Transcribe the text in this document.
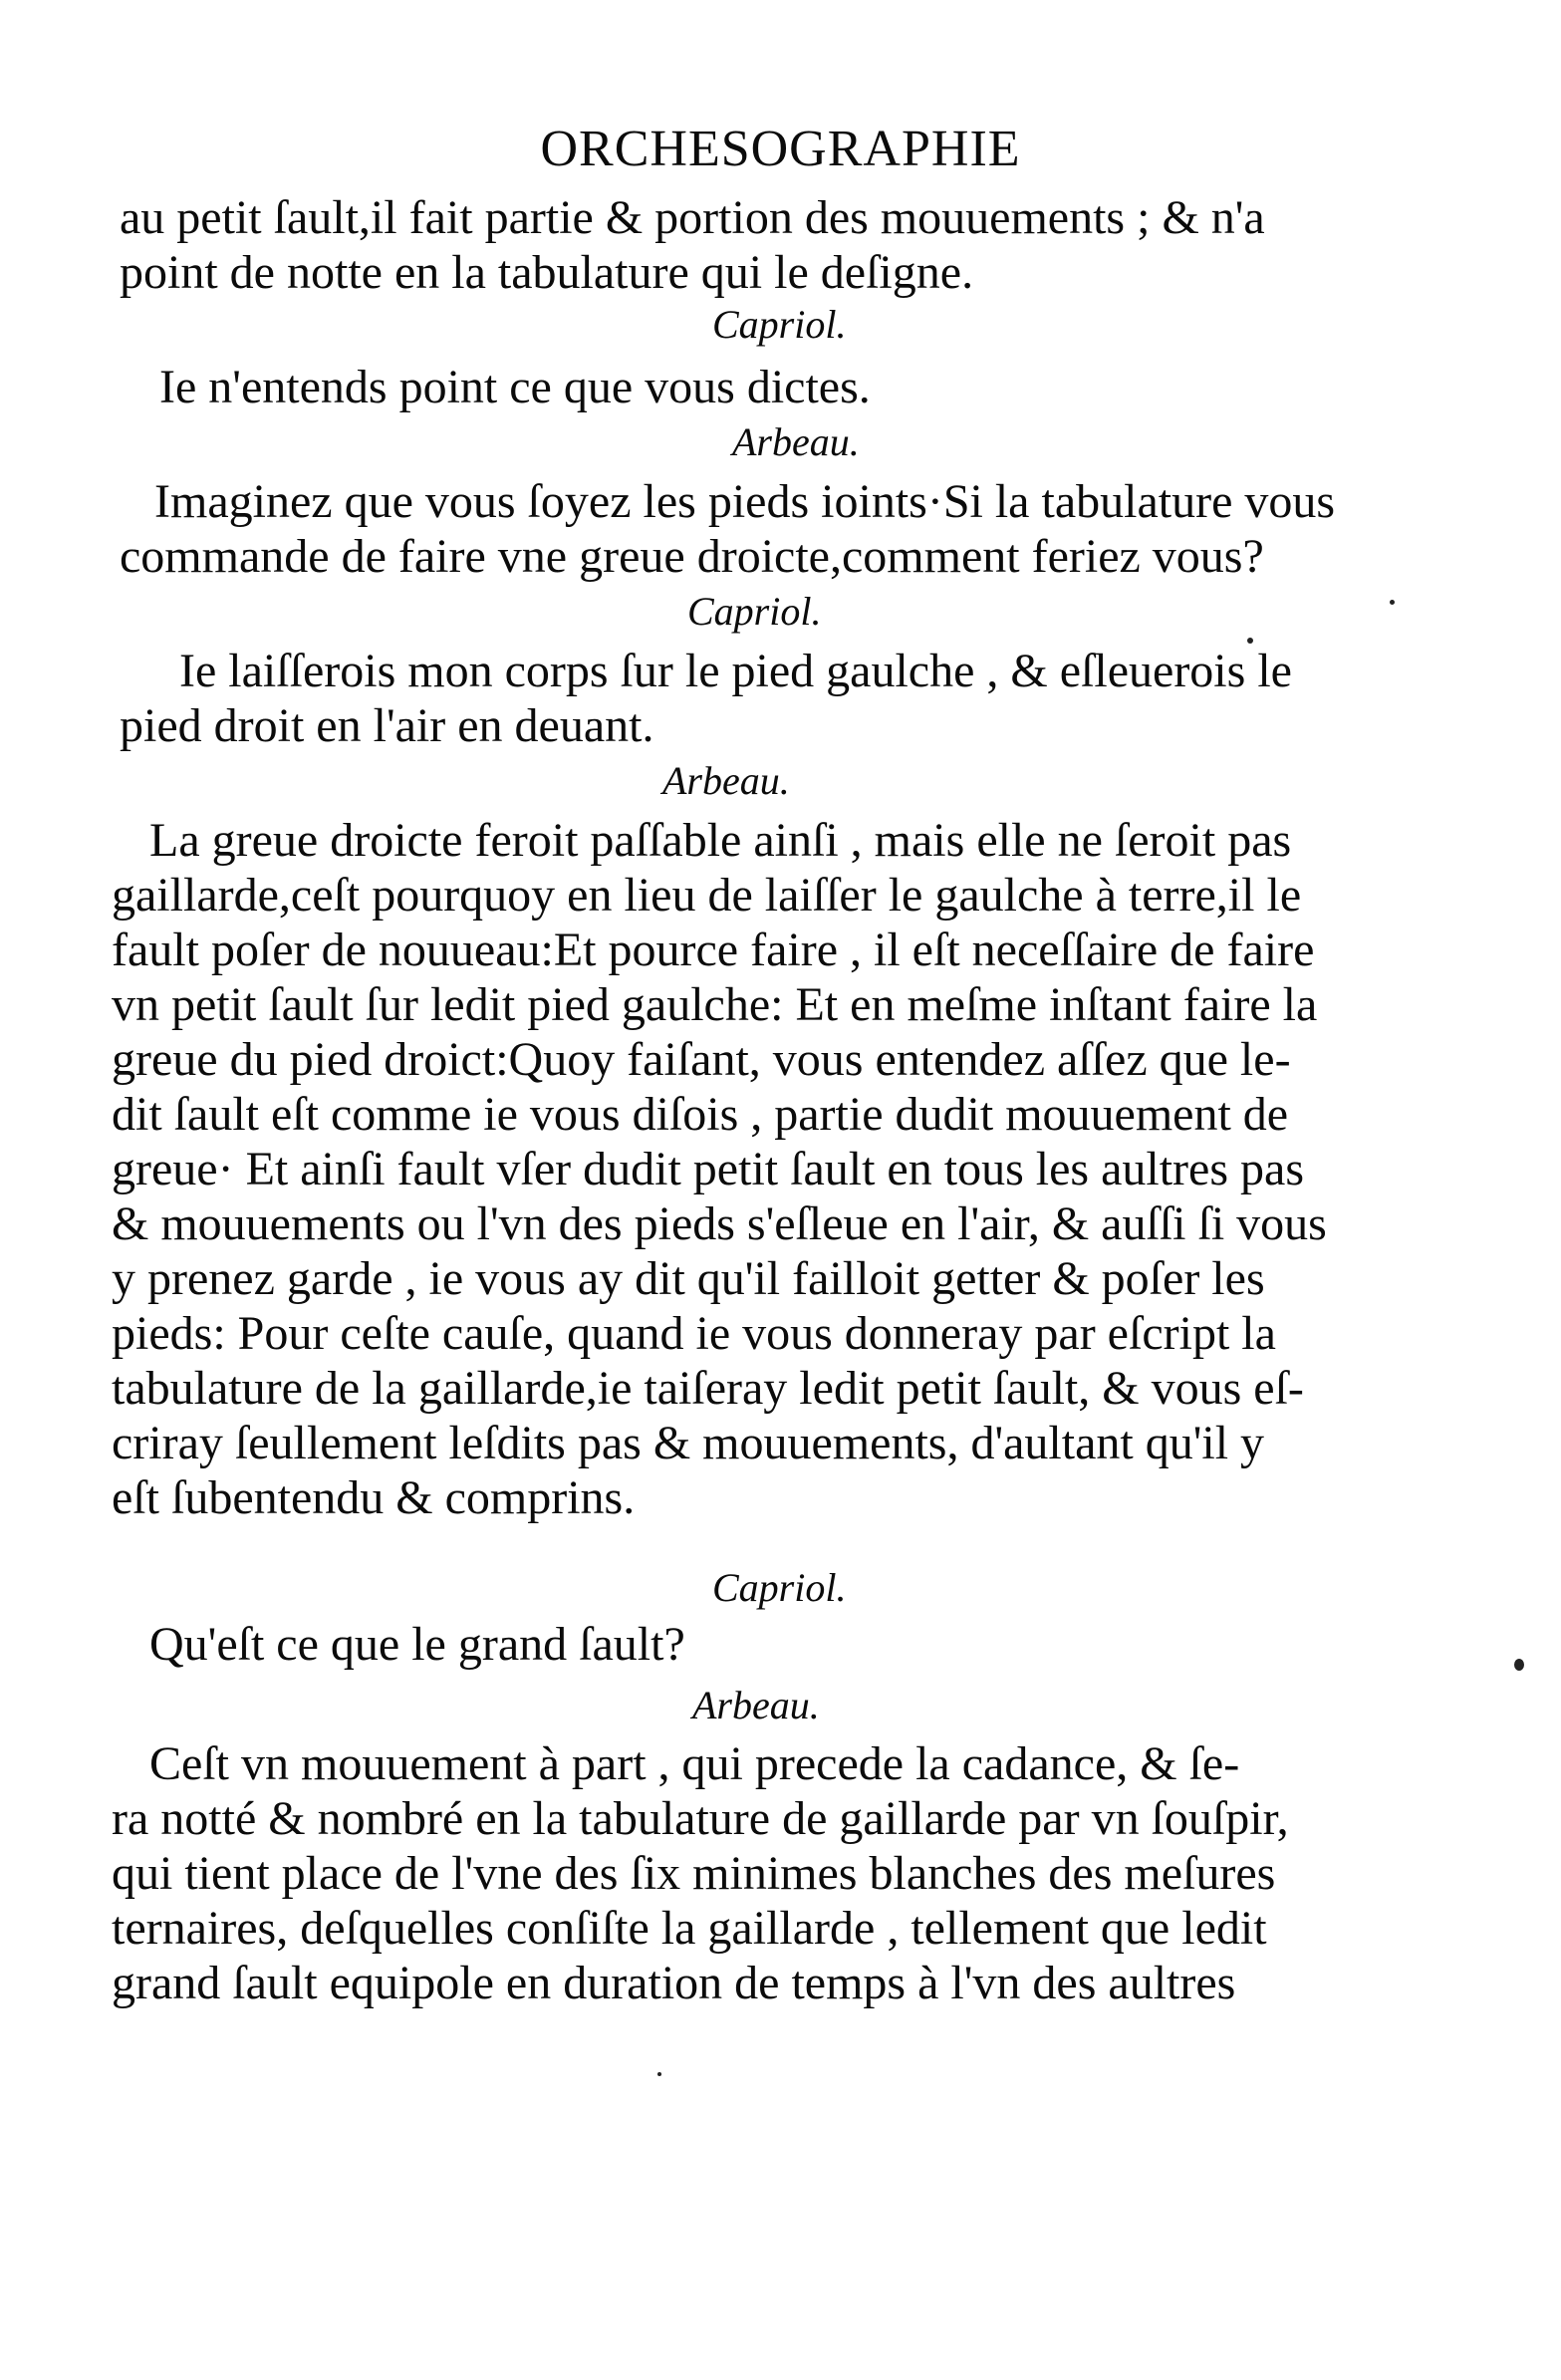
ORCHESOGRAPHIE
au petit ſault,il fait partie & portion des mouuements ; & n'a
point de notte en la tabulature qui le deſigne.
Capriol.
Ie n'entends point ce que vous dictes.
Arbeau.
Imaginez que vous ſoyez les pieds ioints·Si la tabulature vous
commande de faire vne greue droicte,comment feriez vous?
Capriol.
Ie laiſſerois mon corps ſur le pied gaulche , & eſleuerois le
pied droit en l'air en deuant.
Arbeau.
La greue droicte feroit paſſable ainſi , mais elle ne ſeroit pas
gaillarde,ceſt pourquoy en lieu de laiſſer le gaulche à terre,il le
fault poſer de nouueau:Et pource faire , il eſt neceſſaire de faire
vn petit ſault ſur ledit pied gaulche: Et en meſme inſtant faire la
greue du pied droict:Quoy faiſant, vous entendez aſſez que le-
dit ſault eſt comme ie vous diſois , partie dudit mouuement de
greue· Et ainſi fault vſer dudit petit ſault en tous les aultres pas
& mouuements ou l'vn des pieds s'eſleue en l'air, & auſſi ſi vous
y prenez garde , ie vous ay dit qu'il failloit getter & poſer les
pieds: Pour ceſte cauſe, quand ie vous donneray par eſcript la
tabulature de la gaillarde,ie taiſeray ledit petit ſault, & vous eſ-
criray ſeullement leſdits pas & mouuements, d'aultant qu'il y
eſt ſubentendu & comprins.
Capriol.
Qu'eſt ce que le grand ſault?
Arbeau.
Ceſt vn mouuement à part , qui precede la cadance, & ſe-
ra notté & nombré en la tabulature de gaillarde par vn ſouſpir,
qui tient place de l'vne des ſix minimes blanches des meſures
ternaires, deſquelles conſiſte la gaillarde , tellement que ledit
grand ſault equipole en duration de temps à l'vn des aultres
